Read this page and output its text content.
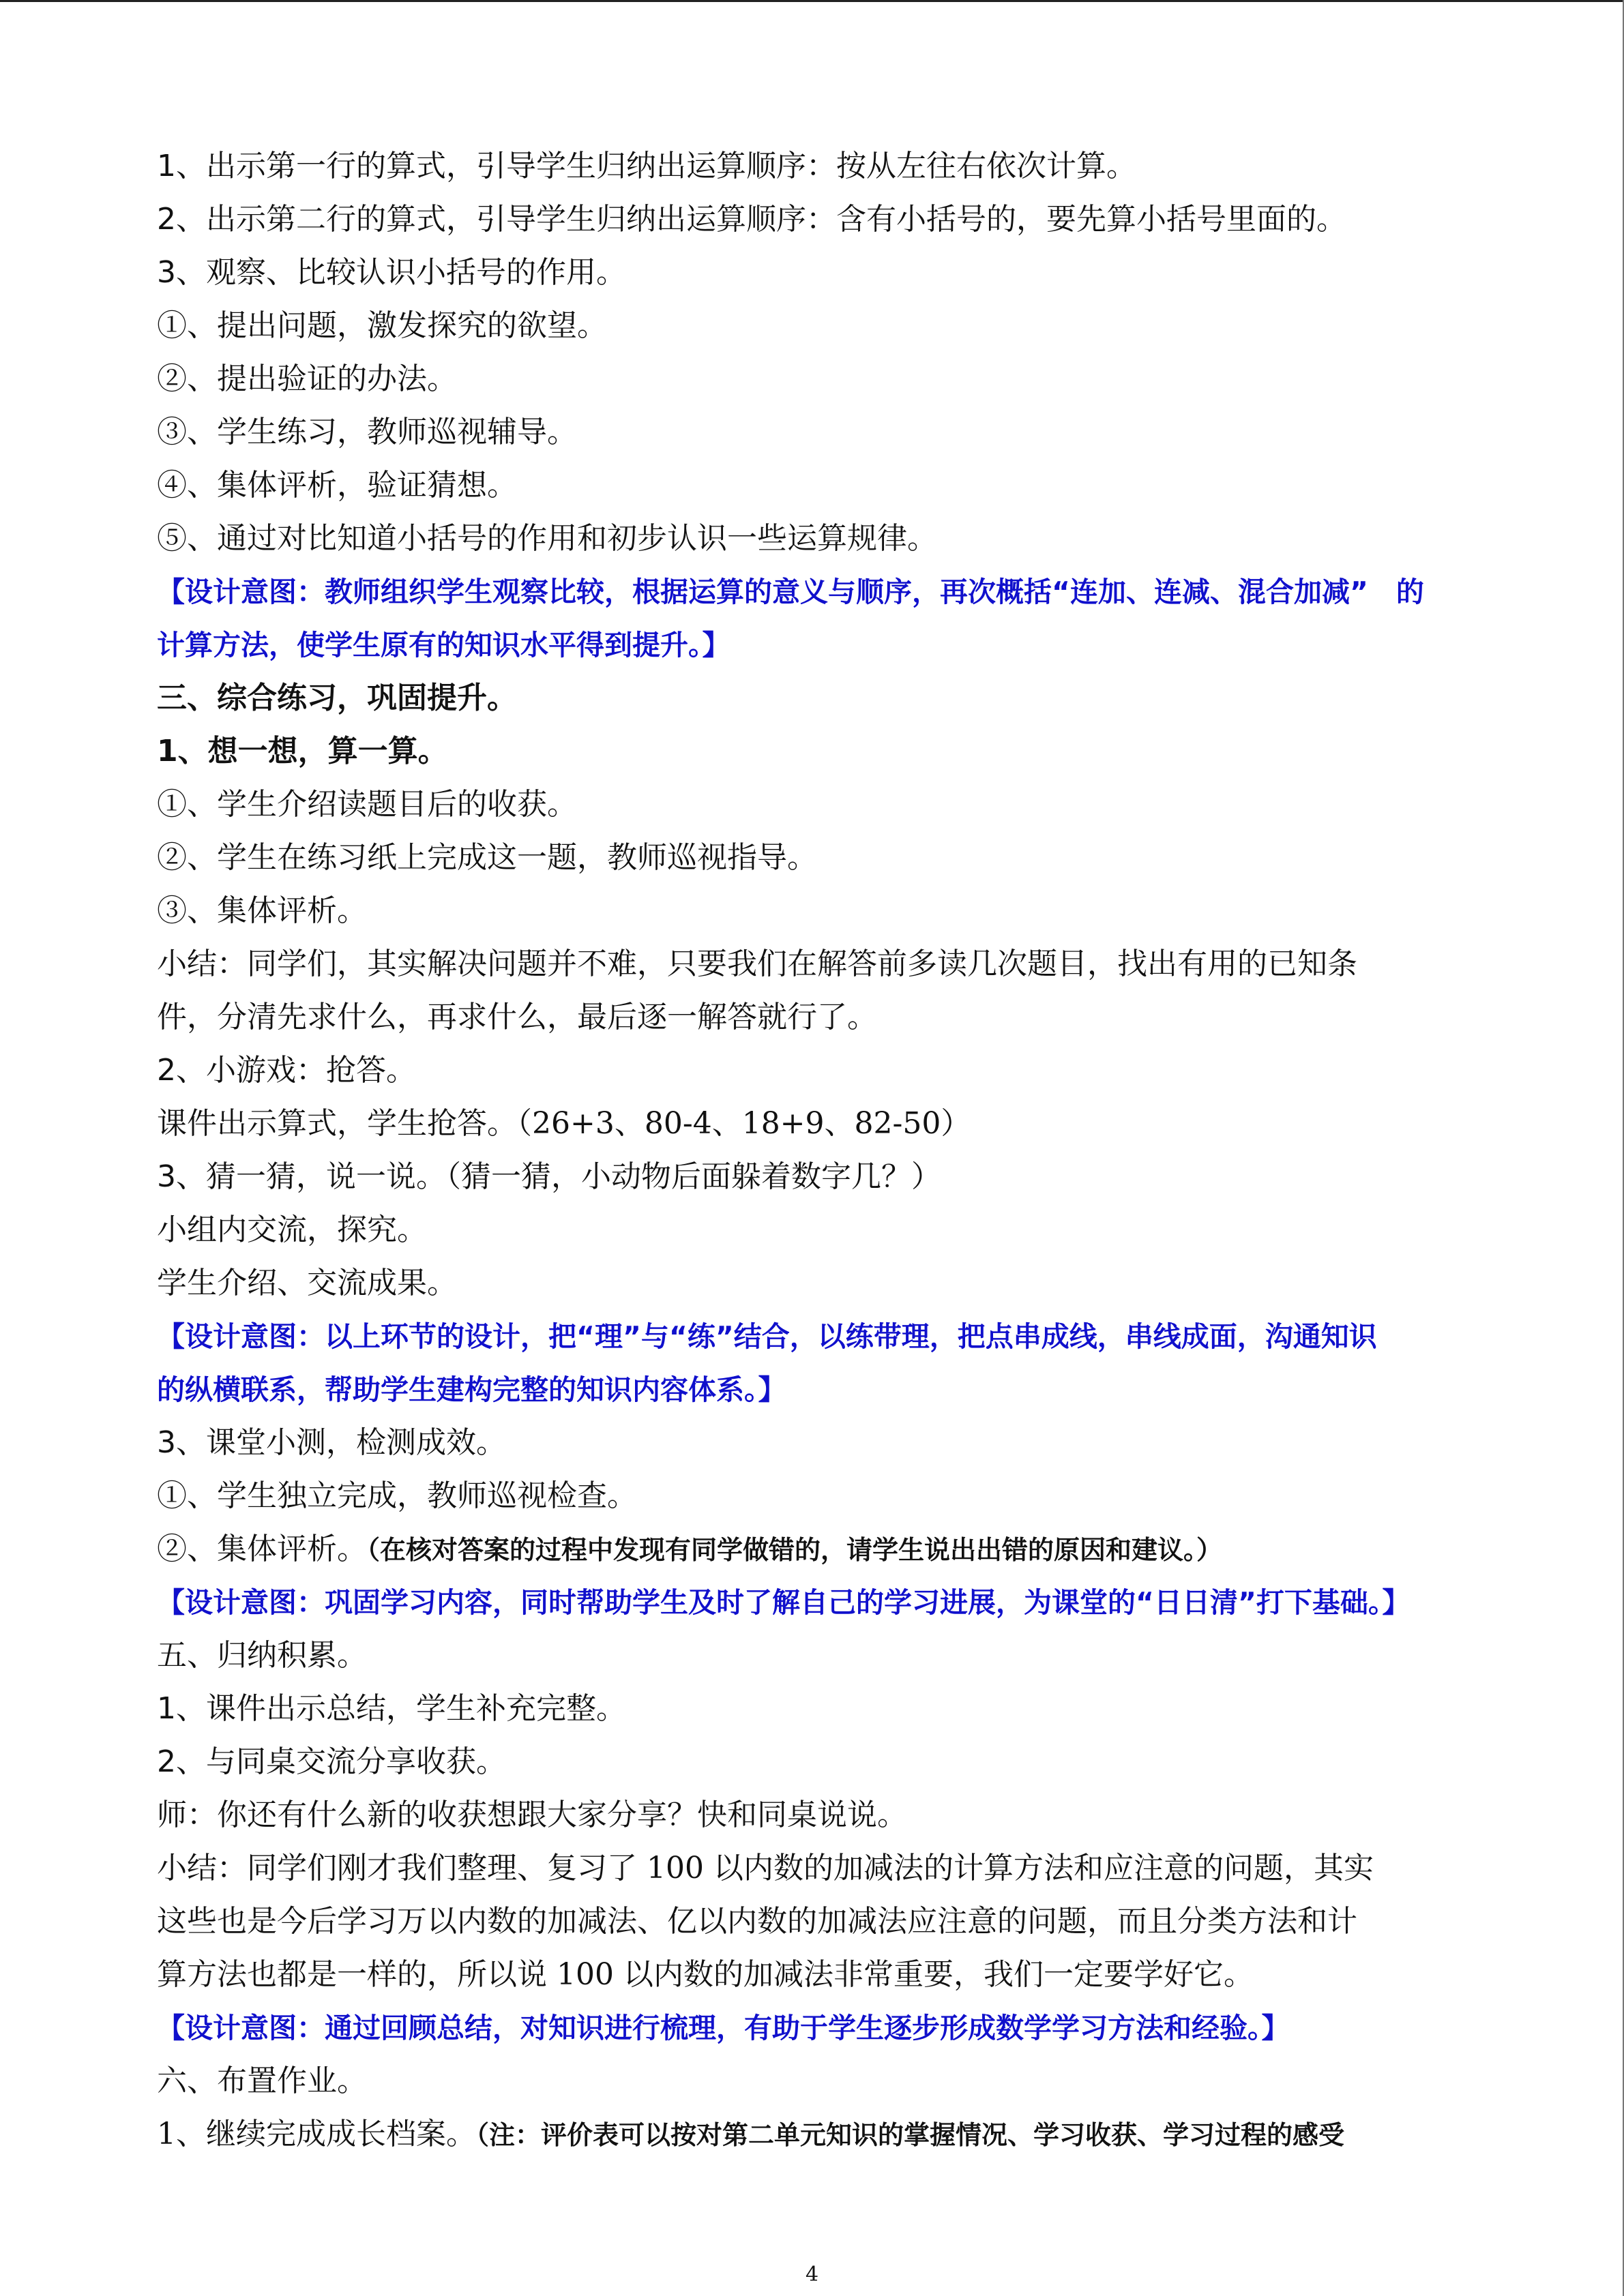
1、出示第一行的算式，引导学生归纳出运算顺序：按从左往右依次计算。
2、出示第二行的算式，引导学生归纳出运算顺序：含有小括号的，要先算小括号里面的。
3、观察、比较认识小括号的作用。
①、提出问题，激发探究的欲望。
②、提出验证的办法。
③、学生练习，教师巡视辅导。
④、集体评析，验证猜想。
⑤、通过对比知道小括号的作用和初步认识一些运算规律。
【设计意图：教师组织学生观察比较，根据运算的意义与顺序，再次概括“连加、连减、混合加减”　的
计算方法，使学生原有的知识水平得到提升。】
三、综合练习，巩固提升。
1、想一想，算一算。
①、学生介绍读题目后的收获。
②、学生在练习纸上完成这一题，教师巡视指导。
③、集体评析。
小结：同学们，其实解决问题并不难，只要我们在解答前多读几次题目，找出有用的已知条
件，分清先求什么，再求什么，最后逐一解答就行了。
2、小游戏：抢答。
课件出示算式，学生抢答。（26+3、80-4、18+9、82-50）
3、猜一猜，说一说。（猜一猜，小动物后面躲着数字几？）
小组内交流，探究。
学生介绍、交流成果。
【设计意图：以上环节的设计，把“理”与“练”结合，以练带理，把点串成线，串线成面，沟通知识
的纵横联系，帮助学生建构完整的知识内容体系。】
3、课堂小测，检测成效。
①、学生独立完成，教师巡视检查。
②、集体评析。（在核对答案的过程中发现有同学做错的，请学生说出出错的原因和建议。）
【设计意图：巩固学习内容，同时帮助学生及时了解自己的学习进展，为课堂的“日日清”打下基础。】
五、归纳积累。
1、课件出示总结，学生补充完整。
2、与同桌交流分享收获。
师：你还有什么新的收获想跟大家分享？快和同桌说说。
小结：同学们刚才我们整理、复习了 100 以内数的加减法的计算方法和应注意的问题，其实
这些也是今后学习万以内数的加减法、亿以内数的加减法应注意的问题，而且分类方法和计
算方法也都是一样的，所以说 100 以内数的加减法非常重要，我们一定要学好它。
【设计意图：通过回顾总结，对知识进行梳理，有助于学生逐步形成数学学习方法和经验。】
六、布置作业。
1、继续完成成长档案。（注：评价表可以按对第二单元知识的掌握情况、学习收获、学习过程的感受
4
